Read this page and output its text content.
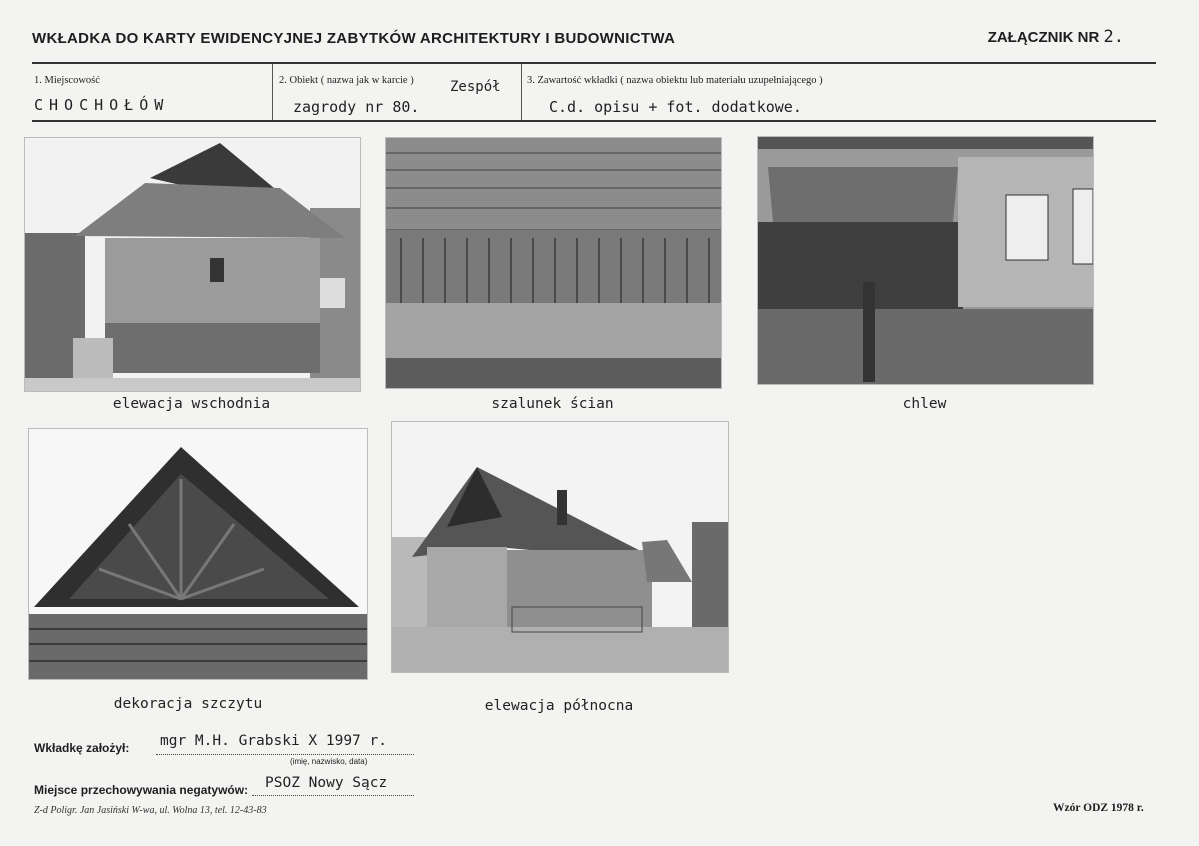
WKŁADKA DO KARTY EWIDENCYJNEJ ZABYTKÓW ARCHITEKTURY I BUDOWNICTWA	ZAŁĄCZNIK NR 2.
1. Miejscowość
CHOCHOŁÓW
2. Obiekt ( nazwa jak w karcie )	Zespół
zagrody nr 80.
3. Zawartość wkładki ( nazwa obiektu lub materiału uzupełniającego )
C.d. opisu + fot. dodatkowe.
elewacja wschodnia	szalunek ścian	chlew
dekoracja szczytu	elewacja północna
Wkładkę założył: mgr M.H. Grabski X 1997 r.
(imię, nazwisko, data)
Miejsce przechowywania negatywów: PSOZ Nowy Sącz
Z-d Poligr. Jan Jasiński W-wa, ul. Wolna 13, tel. 12-43-83	Wzór ODZ 1978 r.
